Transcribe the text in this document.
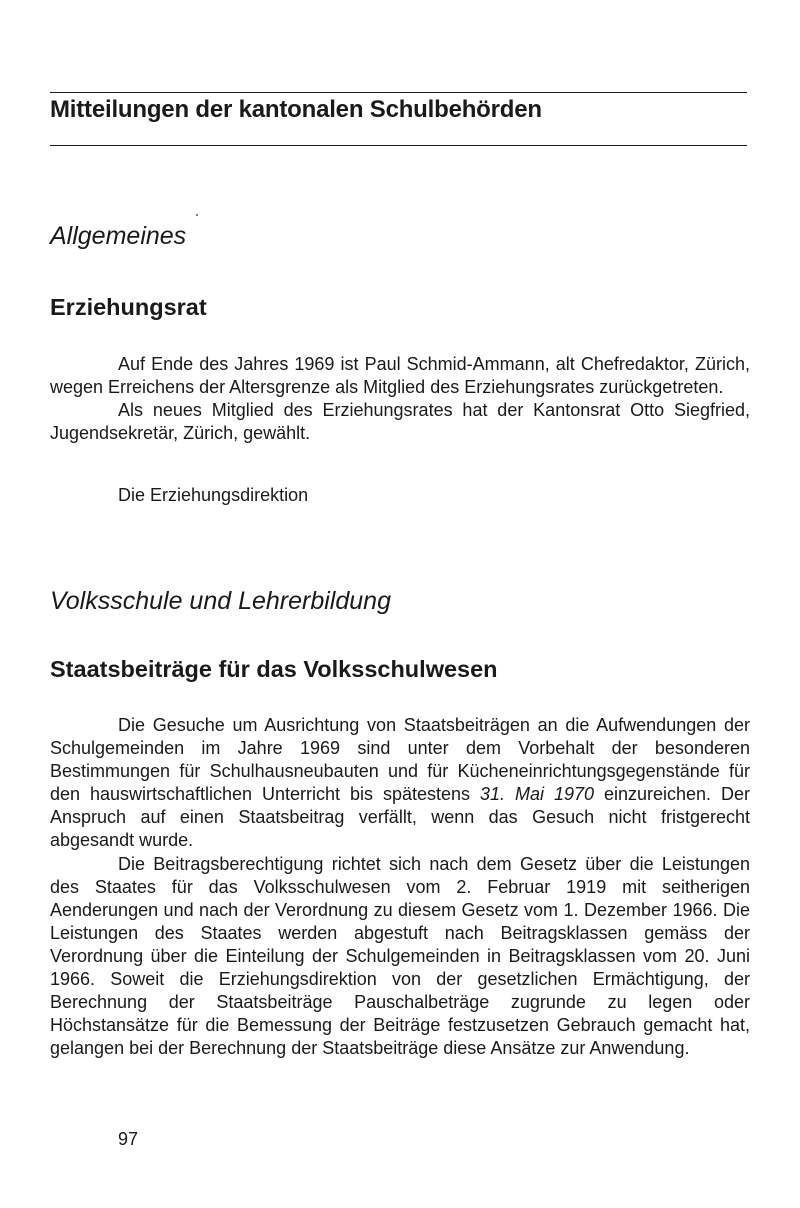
Mitteilungen der kantonalen Schulbehörden
Allgemeines
Erziehungsrat

Auf Ende des Jahres 1969 ist Paul Schmid-Ammann, alt Chefredaktor, Zürich, wegen Erreichens der Altersgrenze als Mitglied des Erziehungsrates zurückgetreten.

Als neues Mitglied des Erziehungsrates hat der Kantonsrat Otto Siegfried, Jugendsekretär, Zürich, gewählt.

Die Erziehungsdirektion
Volksschule und Lehrerbildung
Staatsbeiträge für das Volksschulwesen

Die Gesuche um Ausrichtung von Staatsbeiträgen an die Aufwendungen der Schulgemeinden im Jahre 1969 sind unter dem Vorbehalt der besonderen Bestimmungen für Schulhausneubauten und für Kücheneinrichtungsgegenstände für den hauswirtschaftlichen Unterricht bis spätestens 31. Mai 1970 einzureichen. Der Anspruch auf einen Staatsbeitrag verfällt, wenn das Gesuch nicht fristgerecht abgesandt wurde.

Die Beitragsberechtigung richtet sich nach dem Gesetz über die Leistungen des Staates für das Volksschulwesen vom 2. Februar 1919 mit seitherigen Aenderungen und nach der Verordnung zu diesem Gesetz vom 1. Dezember 1966. Die Leistungen des Staates werden abgestuft nach Beitragsklassen gemäss der Verordnung über die Einteilung der Schulgemeinden in Beitragsklassen vom 20. Juni 1966. Soweit die Erziehungsdirektion von der gesetzlichen Ermächtigung, der Berechnung der Staatsbeiträge Pauschalbeträge zugrunde zu legen oder Höchstansätze für die Bemessung der Beiträge festzusetzen Gebrauch gemacht hat, gelangen bei der Berechnung der Staatsbeiträge diese Ansätze zur Anwendung.

97
